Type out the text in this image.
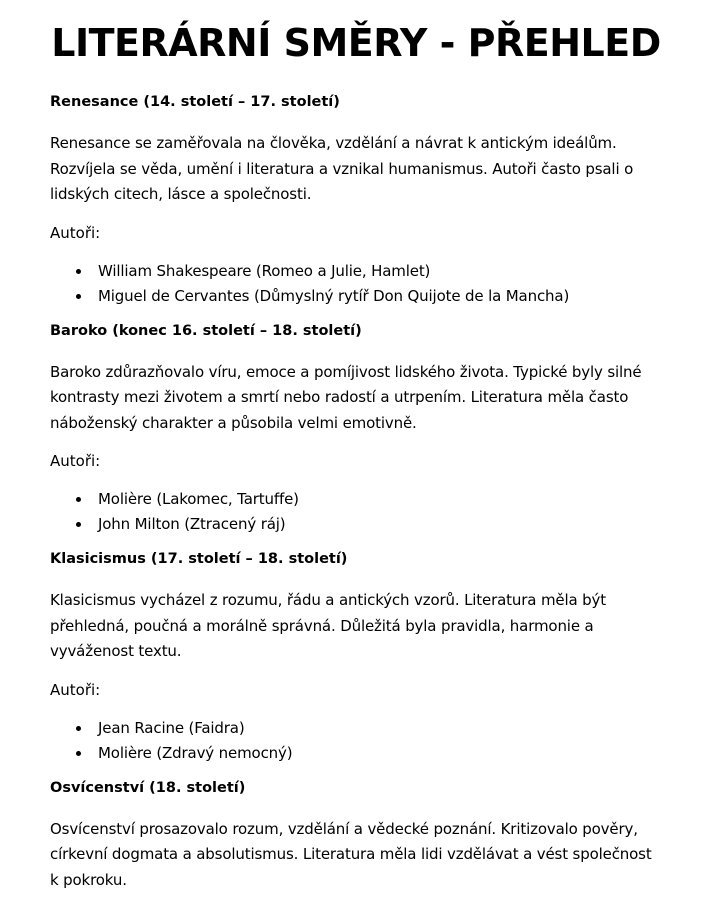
LITERÁRNÍ SMĚRY - PŘEHLED

Renesance (14. století – 17. století)

Renesance se zaměřovala na člověka, vzdělání a návrat k antickým ideálům. Rozvíjela se věda, umění i literatura a vznikal humanismus. Autoři často psali o lidských citech, lásce a společnosti.

Autoři:

William Shakespeare (Romeo a Julie, Hamlet)
Miguel de Cervantes (Důmyslný rytíř Don Quijote de la Mancha)

Baroko (konec 16. století – 18. století)

Baroko zdůrazňovalo víru, emoce a pomíjivost lidského života. Typické byly silné kontrasty mezi životem a smrtí nebo radostí a utrpením. Literatura měla často náboženský charakter a působila velmi emotivně.

Autoři:

Molière (Lakomec, Tartuffe)
John Milton (Ztracený ráj)

Klasicismus (17. století – 18. století)

Klasicismus vycházel z rozumu, řádu a antických vzorů. Literatura měla být přehledná, poučná a morálně správná. Důležitá byla pravidla, harmonie a vyváženost textu.

Autoři:

Jean Racine (Faidra)
Molière (Zdravý nemocný)

Osvícenství (18. století)

Osvícenství prosazovalo rozum, vzdělání a vědecké poznání. Kritizovalo pověry, církevní dogmata a absolutismus. Literatura měla lidi vzdělávat a vést společnost k pokroku.
